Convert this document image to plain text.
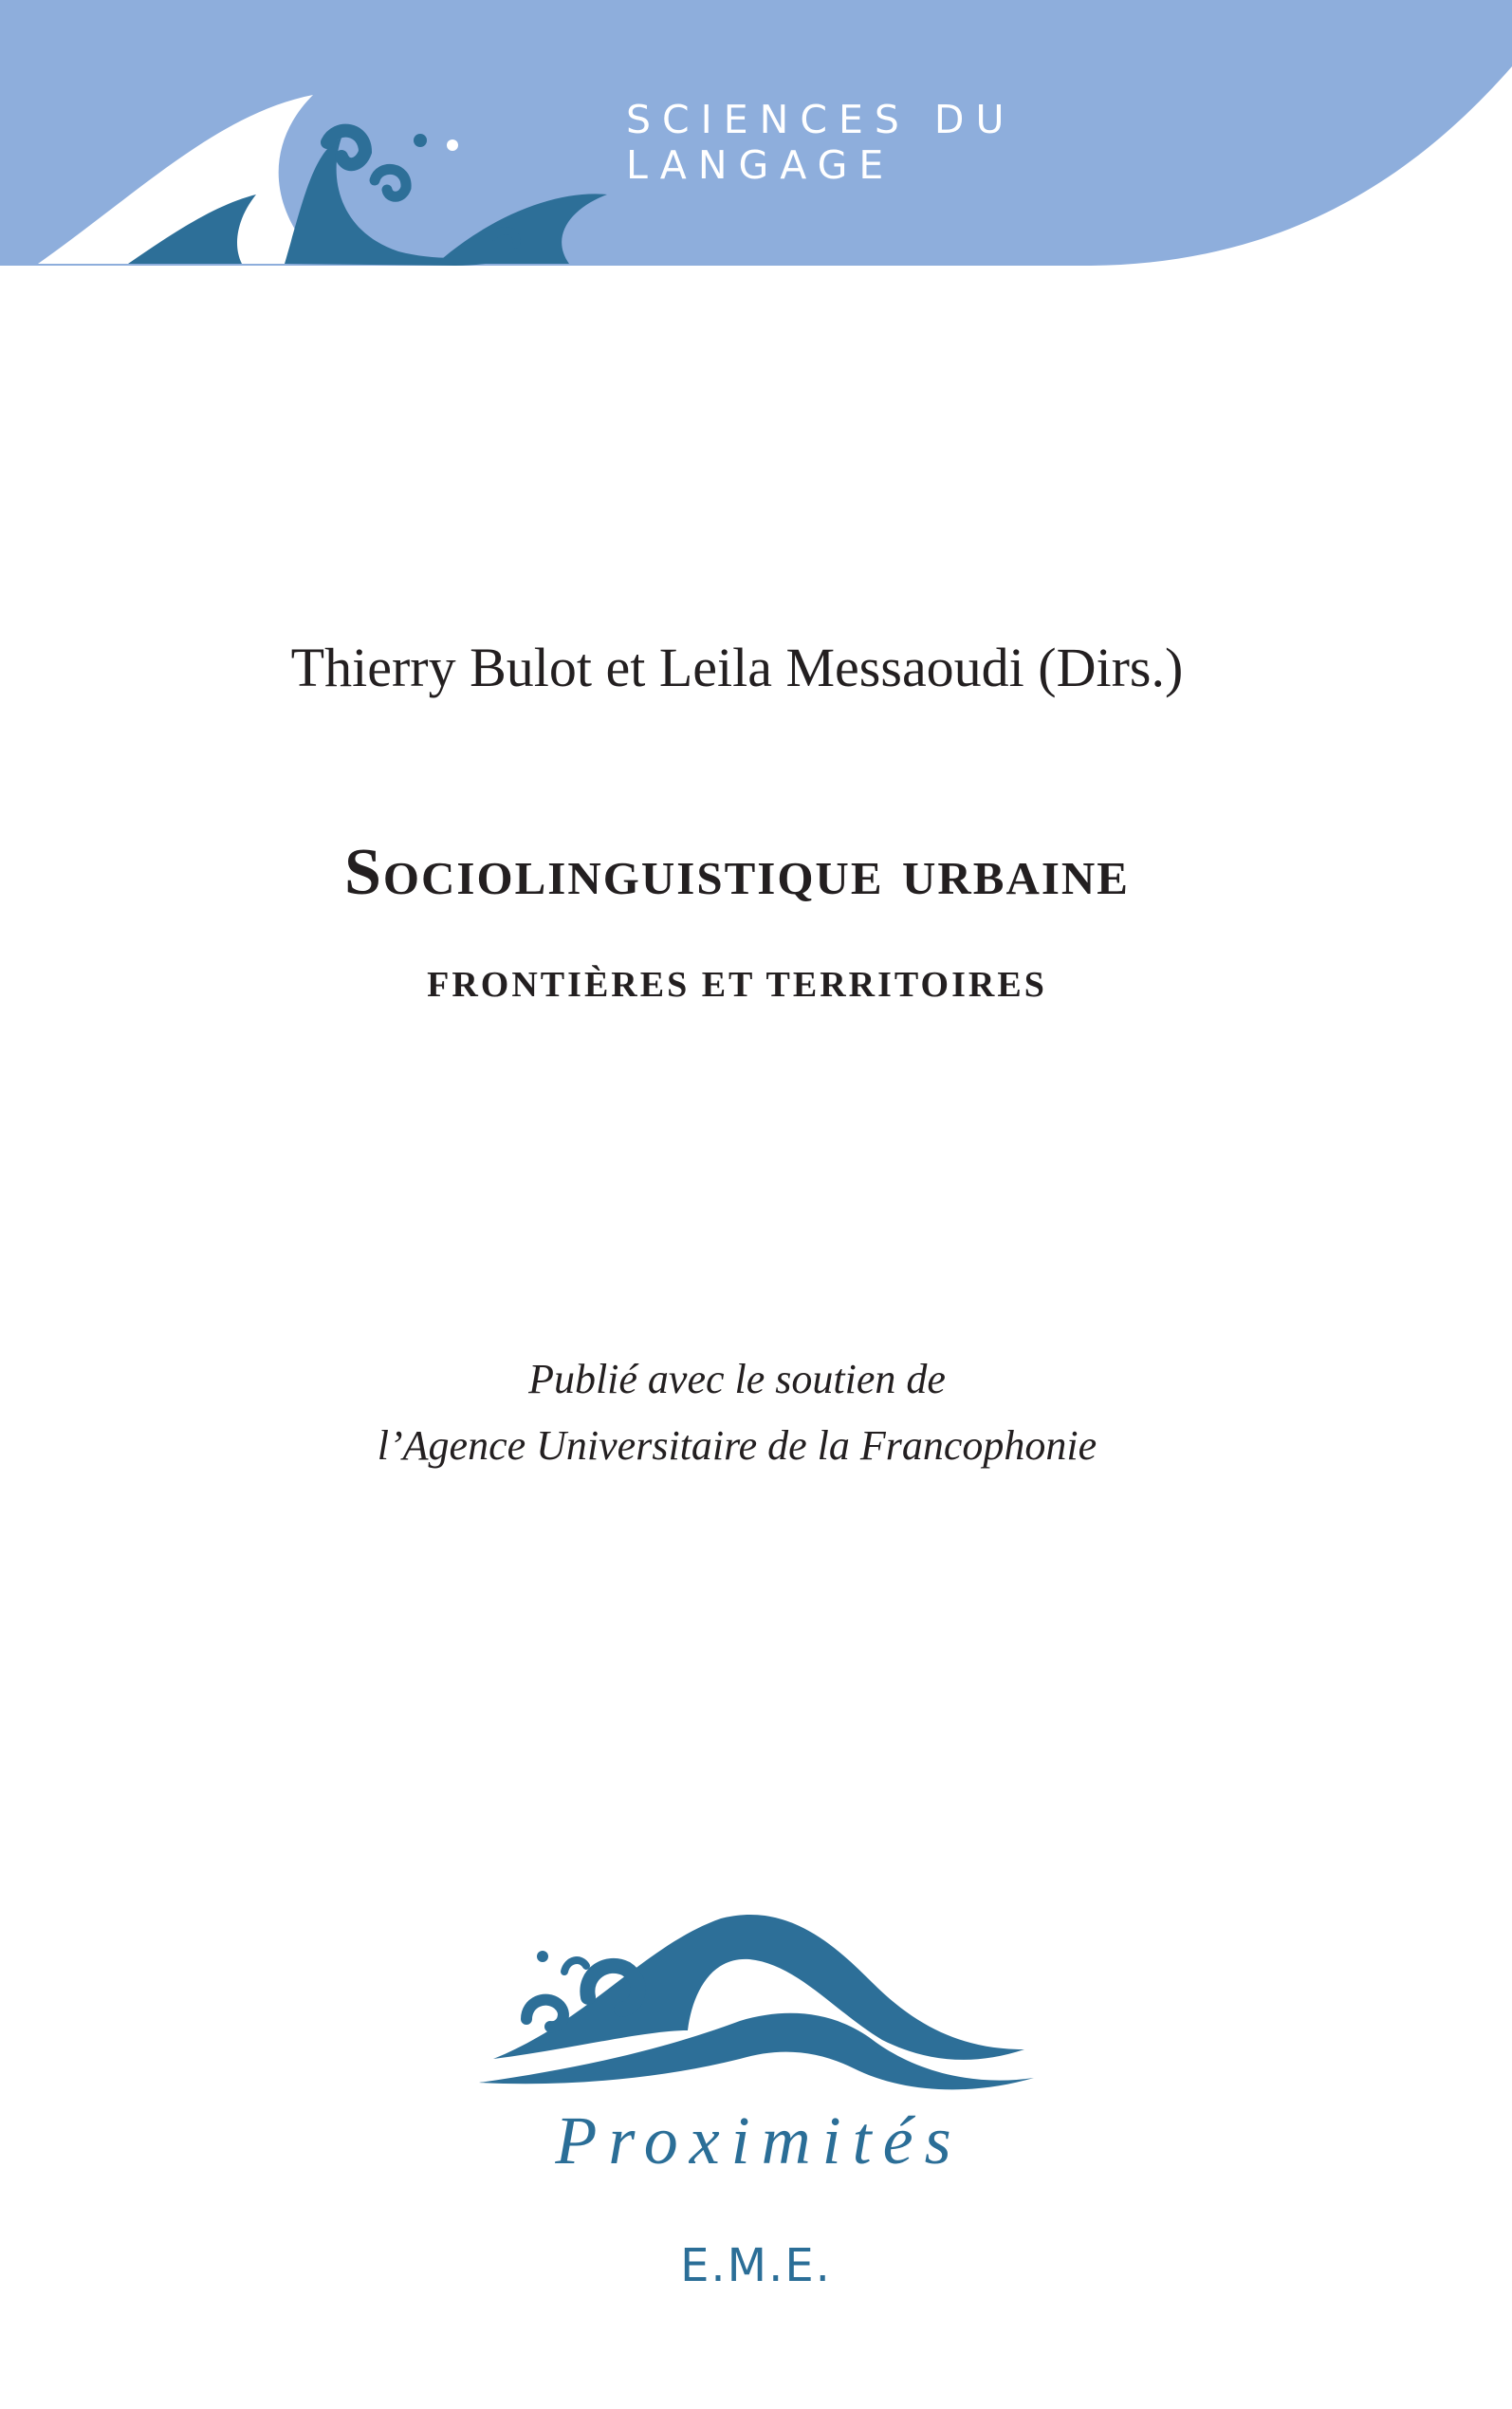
SCIENCES DU LANGAGE
Thierry Bulot et Leila Messaoudi (Dirs.)
Sociolinguistique urbaine
FRONTIÈRES ET TERRITOIRES
Publié avec le soutien de
l’Agence Universitaire de la Francophonie
Proximités
E.M.E.
